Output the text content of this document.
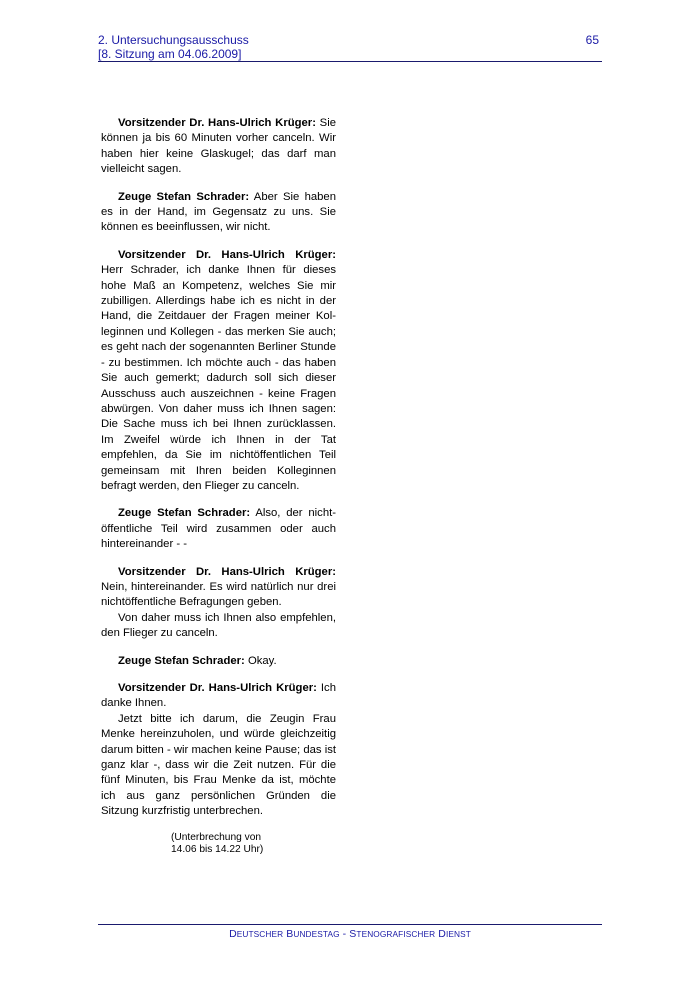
2. Untersuchungsausschuss
[8. Sitzung am 04.06.2009]
65

Vorsitzender Dr. Hans-Ulrich Krüger: Sie können ja bis 60 Minuten vorher canceln. Wir haben hier keine Glaskugel; das darf man vielleicht sagen.

Zeuge Stefan Schrader: Aber Sie haben es in der Hand, im Gegensatz zu uns. Sie können es beeinflussen, wir nicht.

Vorsitzender Dr. Hans-Ulrich Krüger: Herr Schrader, ich danke Ihnen für dieses hohe Maß an Kompetenz, welches Sie mir zubilligen. Allerdings habe ich es nicht in der Hand, die Zeitdauer der Fragen meiner Kolleginnen und Kollegen - das merken Sie auch; es geht nach der sogenannten Berliner Stunde - zu bestimmen. Ich möchte auch - das haben Sie auch gemerkt; dadurch soll sich dieser Ausschuss auch auszeichnen - keine Fragen abwürgen. Von daher muss ich Ihnen sagen: Die Sache muss ich bei Ihnen zurücklassen. Im Zweifel würde ich Ihnen in der Tat empfehlen, da Sie im nichtöffentlichen Teil gemeinsam mit Ihren beiden Kolleginnen befragt werden, den Flieger zu canceln.

Zeuge Stefan Schrader: Also, der nichtöffentliche Teil wird zusammen oder auch hintereinander - -

Vorsitzender Dr. Hans-Ulrich Krüger: Nein, hintereinander. Es wird natürlich nur drei nichtöffentliche Befragungen geben.

Von daher muss ich Ihnen also empfehlen, den Flieger zu canceln.

Zeuge Stefan Schrader: Okay.

Vorsitzender Dr. Hans-Ulrich Krüger: Ich danke Ihnen.

Jetzt bitte ich darum, die Zeugin Frau Menke hereinzuholen, und würde gleichzeitig darum bitten - wir machen keine Pause; das ist ganz klar -, dass wir die Zeit nutzen. Für die fünf Minuten, bis Frau Menke da ist, möchte ich aus ganz persönlichen Gründen die Sitzung kurzfristig unterbrechen.

(Unterbrechung von
14.06 bis 14.22 Uhr)
DEUTSCHER BUNDESTAG - STENOGRAFISCHER DIENST
